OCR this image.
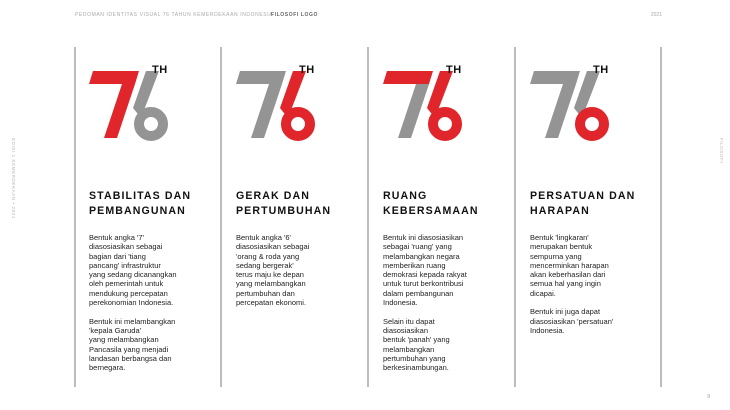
PEDOMAN IDENTITAS VISUAL 76 TAHUN KEMERDEKAAN INDONESIA
FILOSOFI LOGO	2021
EDISI 1 KEMERDEKAAN • 2021	FILOSOFI
TH
STABILITAS DAN
PEMBANGUNAN

Bentuk angka '7'
diasosiasikan sebagai
bagian dari 'tiang
pancang' infrastruktur
yang sedang dicanangkan
oleh pemerintah untuk
mendukung percepatan
perekonomian Indonesia.

Bentuk ini melambangkan
'kepala Garuda'
yang melambangkan
Pancasila yang menjadi
landasan berbangsa dan
bernegara.

TH
GERAK DAN
PERTUMBUHAN

Bentuk angka '6'
diasosiasikan sebagai
'orang & roda yang
sedang bergerak'
terus maju ke depan
yang melambangkan
pertumbuhan dan
percepatan ekonomi.

TH
RUANG
KEBERSAMAAN

Bentuk ini diasosiasikan
sebagai 'ruang' yang
melambangkan negara
memberikan ruang
demokrasi kepada rakyat
untuk turut berkontribusi
dalam pembangunan
Indonesia.

Selain itu dapat
diasosiasikan
bentuk 'panah' yang
melambangkan
pertumbuhan yang
berkesinambungan.

TH
PERSATUAN DAN
HARAPAN

Bentuk 'lingkaran'
merupakan bentuk
sempurna yang
mencerminkan harapan
akan keberhasilan dari
semua hal yang ingin
dicapai.

Bentuk ini juga dapat
diasosiasikan 'persatuan'
Indonesia.

9
